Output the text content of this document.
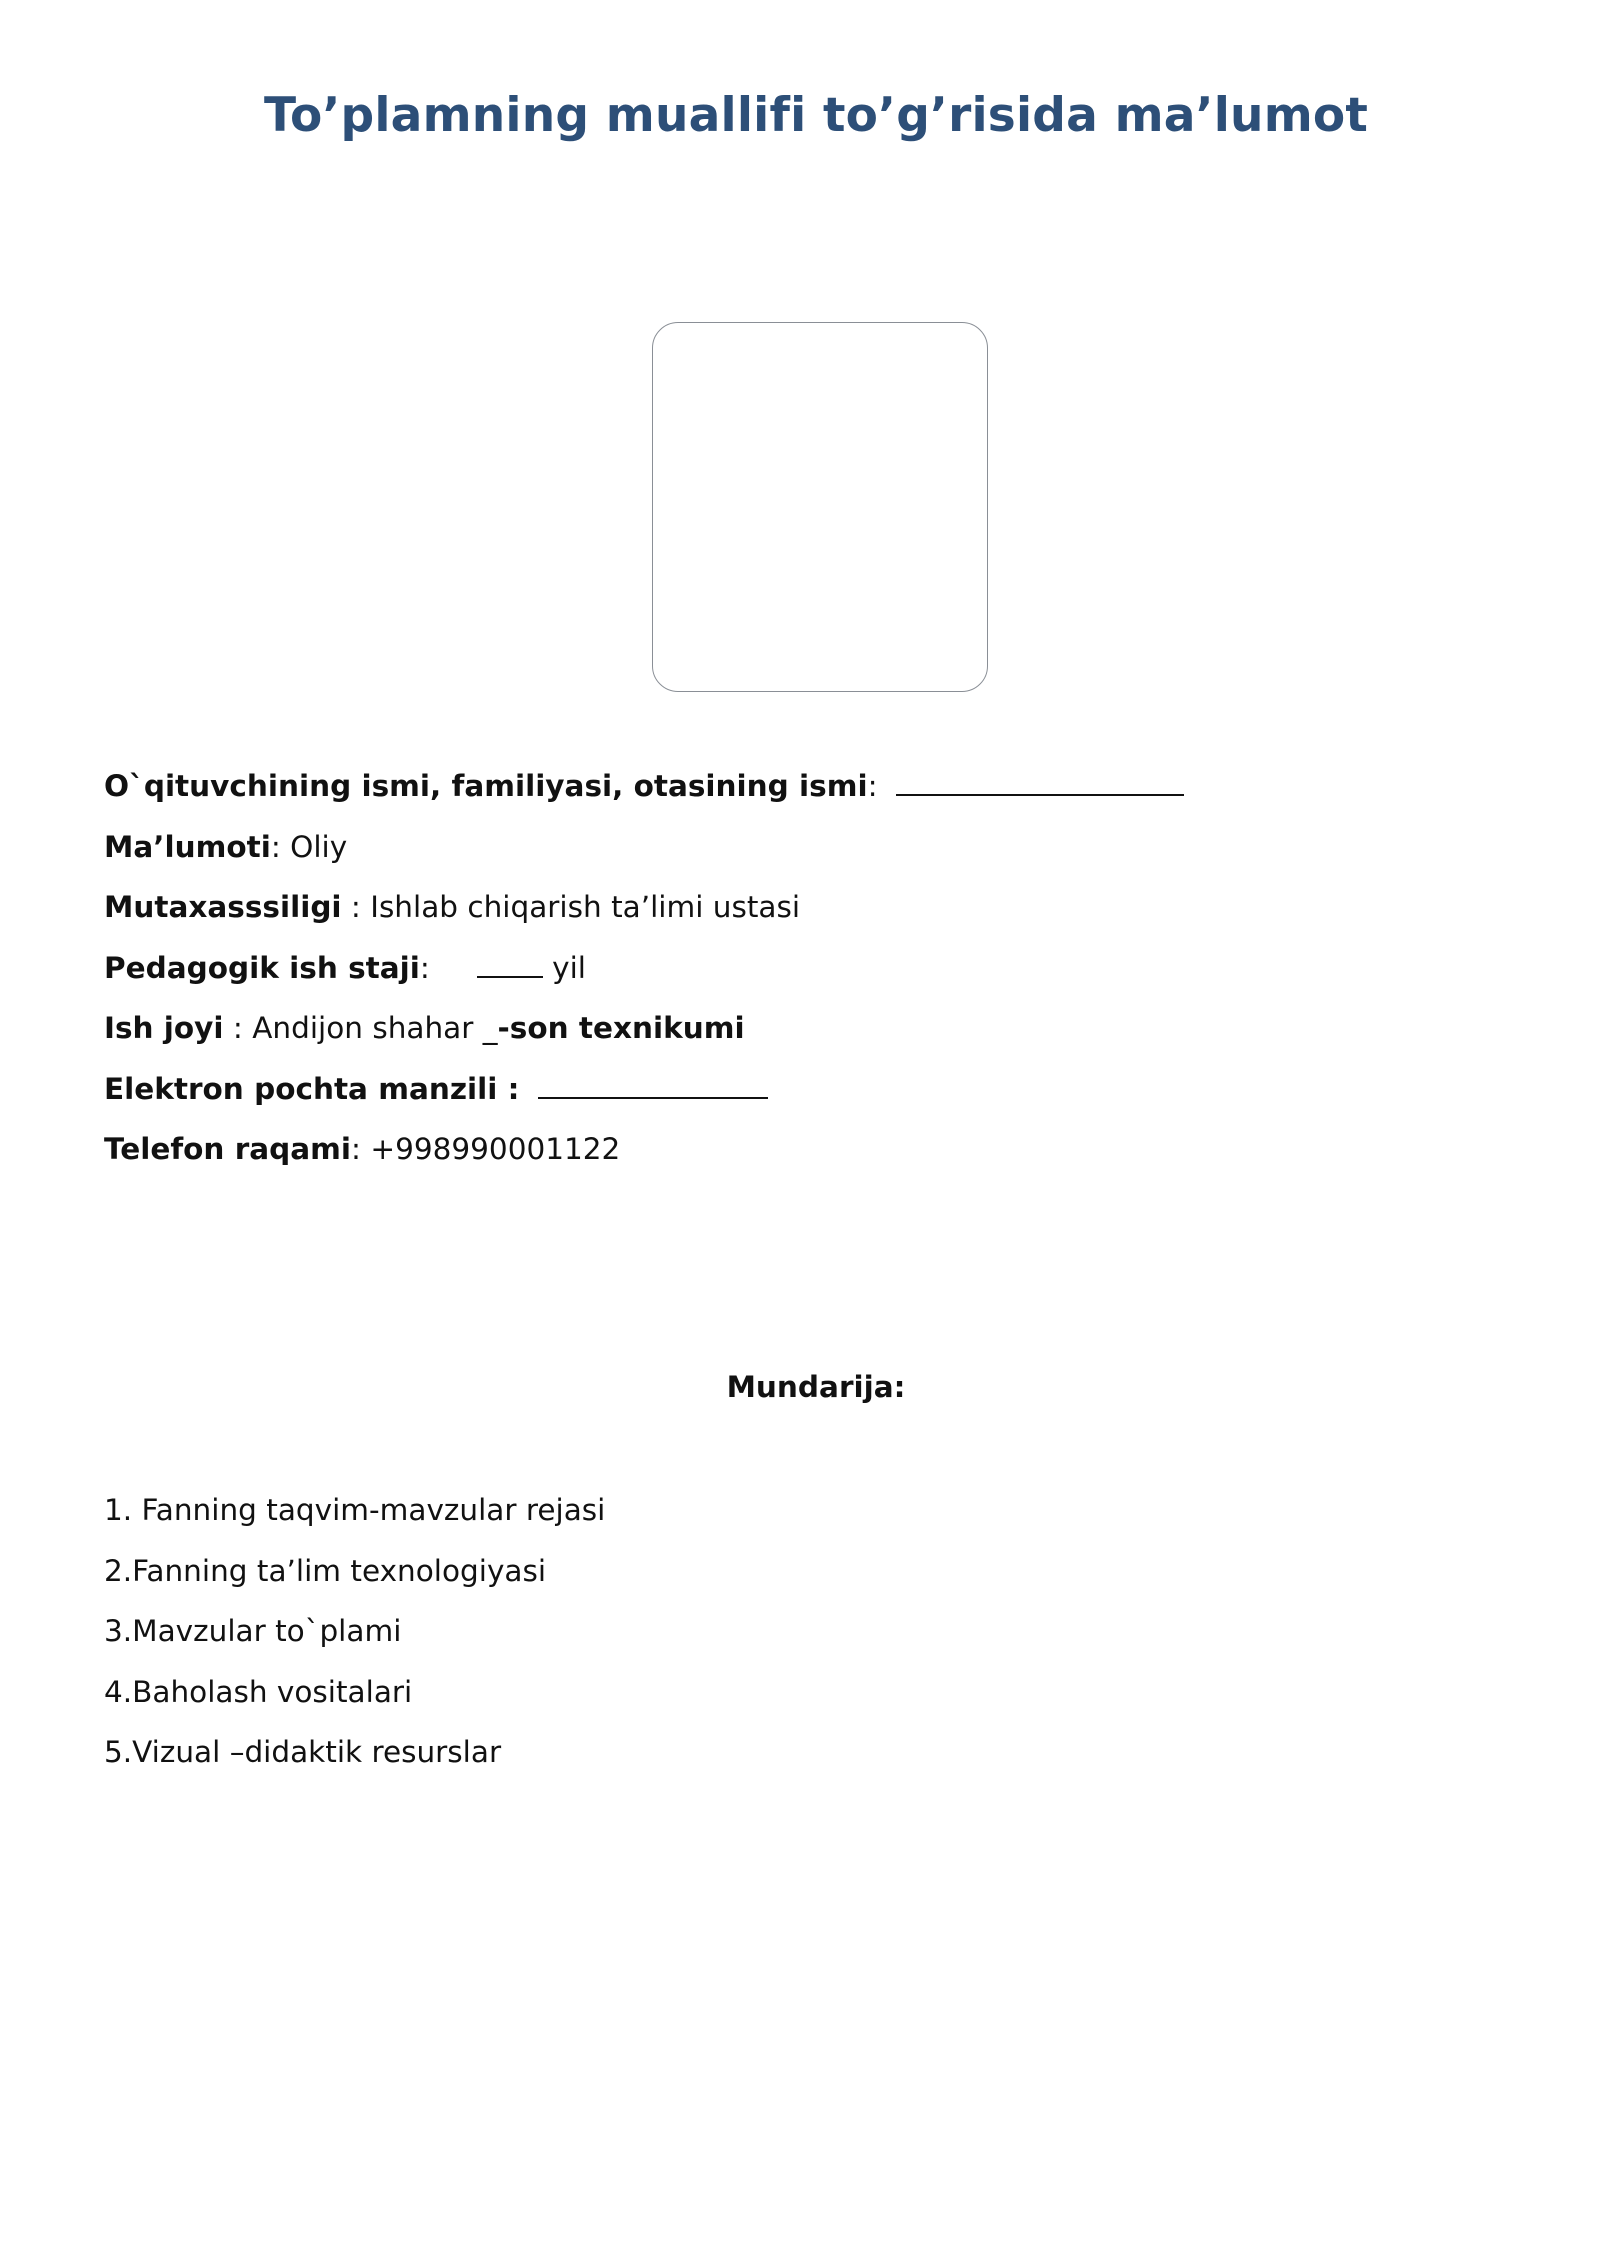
To’plamning muallifi to’g’risida ma’lumot
O`qituvchining ismi, familiyasi, otasining ismi:
Ma’lumoti: Oliy
Mutaxasssiligi : Ishlab chiqarish ta’limi ustasi
Pedagogik ish staji:	yil
Ish joyi : Andijon shahar _-son texnikumi
Elektron pochta manzili :
Telefon raqami: +998990001122
Mundarija:
1. Fanning taqvim-mavzular rejasi
2.Fanning ta’lim texnologiyasi
3.Mavzular to`plami
4.Baholash vositalari
5.Vizual –didaktik resurslar
